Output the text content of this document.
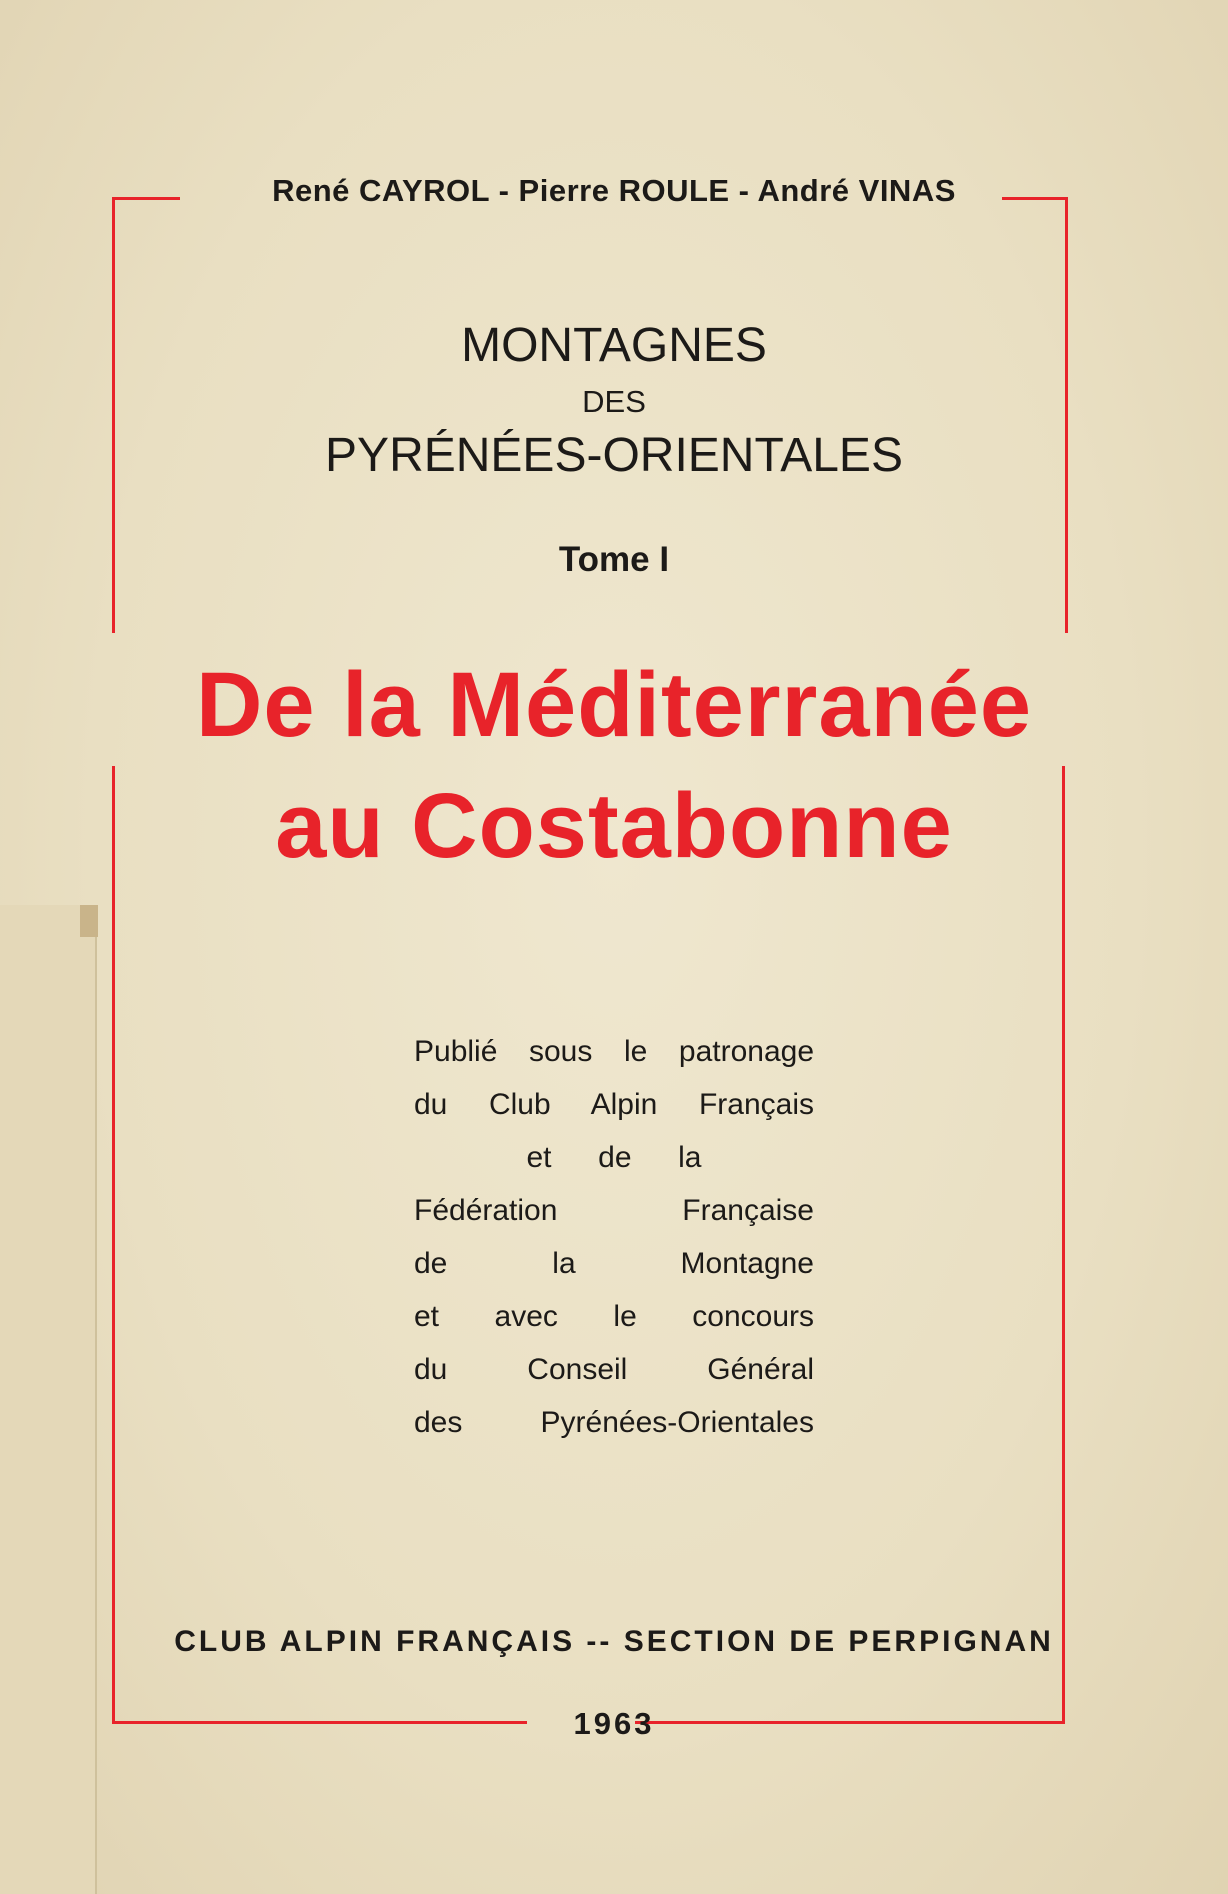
René CAYROL - Pierre ROULE - André VINAS
MONTAGNES
DES
PYRÉNÉES-ORIENTALES
Tome I
De la Méditerranée
au Costabonne
Publié sous le patronage
du Club Alpin Français
et de la
Fédération Française
de la Montagne
et avec le concours
du Conseil Général
des Pyrénées-Orientales
CLUB ALPIN FRANÇAIS -- SECTION DE PERPIGNAN
1963
